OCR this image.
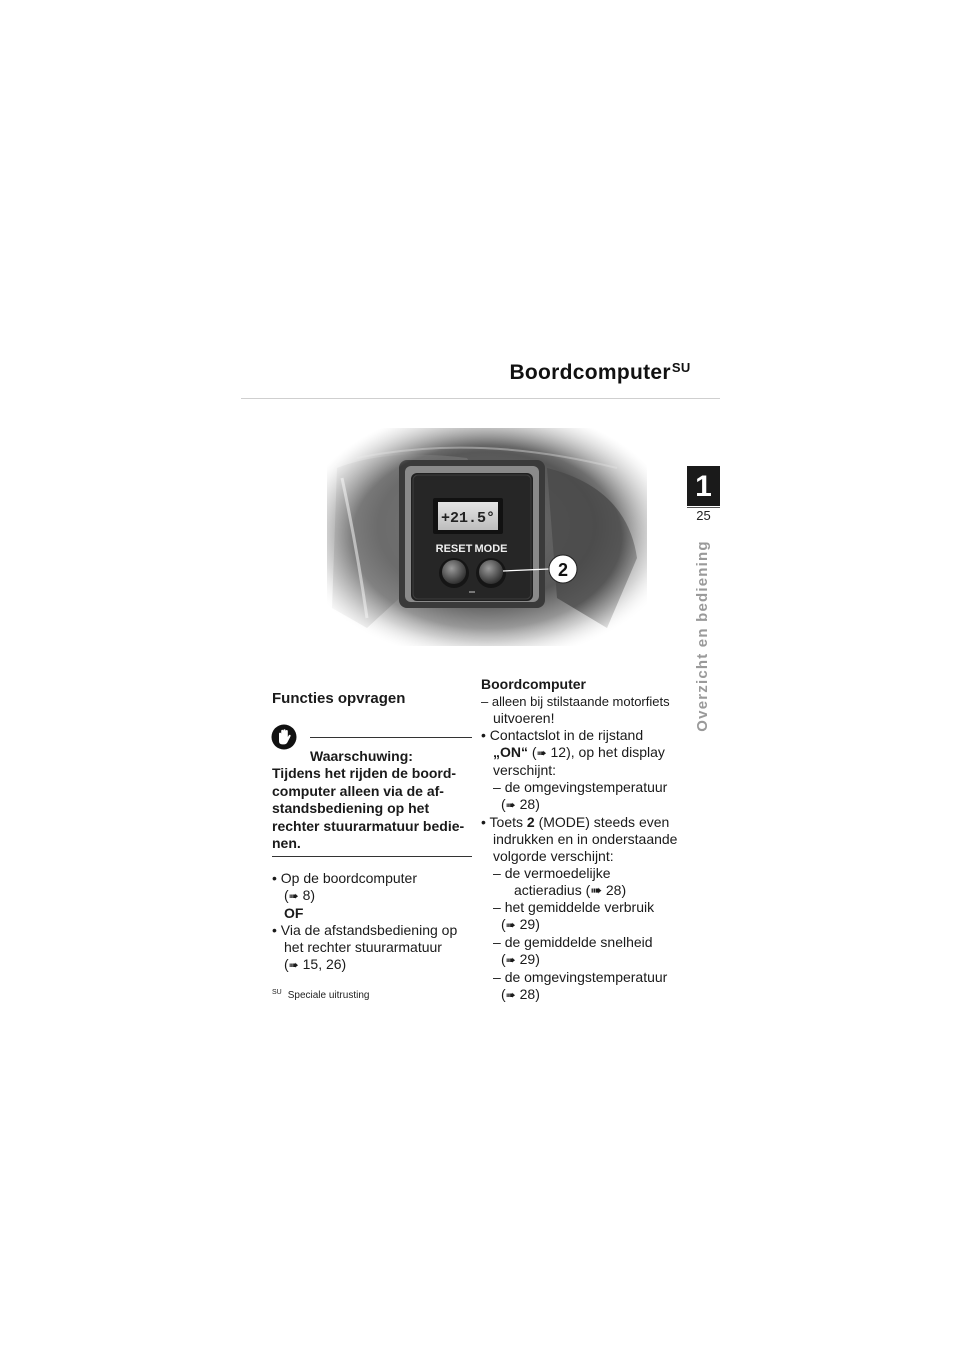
Boordcomputer$^{SU}$
1
25
Overzicht en bediening
Functies opvragen
Waarschuwing:
Tijdens het rijden de boord-computer alleen via de af-standsbediening op het rechter stuurarmatuur bedie-nen.
• Op de boordcomputer
(➠ 8)
OF
• Via de afstandsbediening op
het rechter stuurarmatuur
(➠ 15, 26)
$^{SU}$ Speciale uitrusting
Boordcomputer
– alleen bij stilstaande motorfiets
uitvoeren!
• Contactslot in de rijstand
„ON“ (➠ 12), op het display
verschijnt:
– de omgevingstemperatuur
(➠ 28)
• Toets 2 (MODE) steeds even
indrukken en in onderstaande
volgorde verschijnt:
– de vermoedelijke
actieradius (➠ 28)
– het gemiddelde verbruik
(➠ 29)
– de gemiddelde snelheid
(➠ 29)
– de omgevingstemperatuur
(➠ 28)
